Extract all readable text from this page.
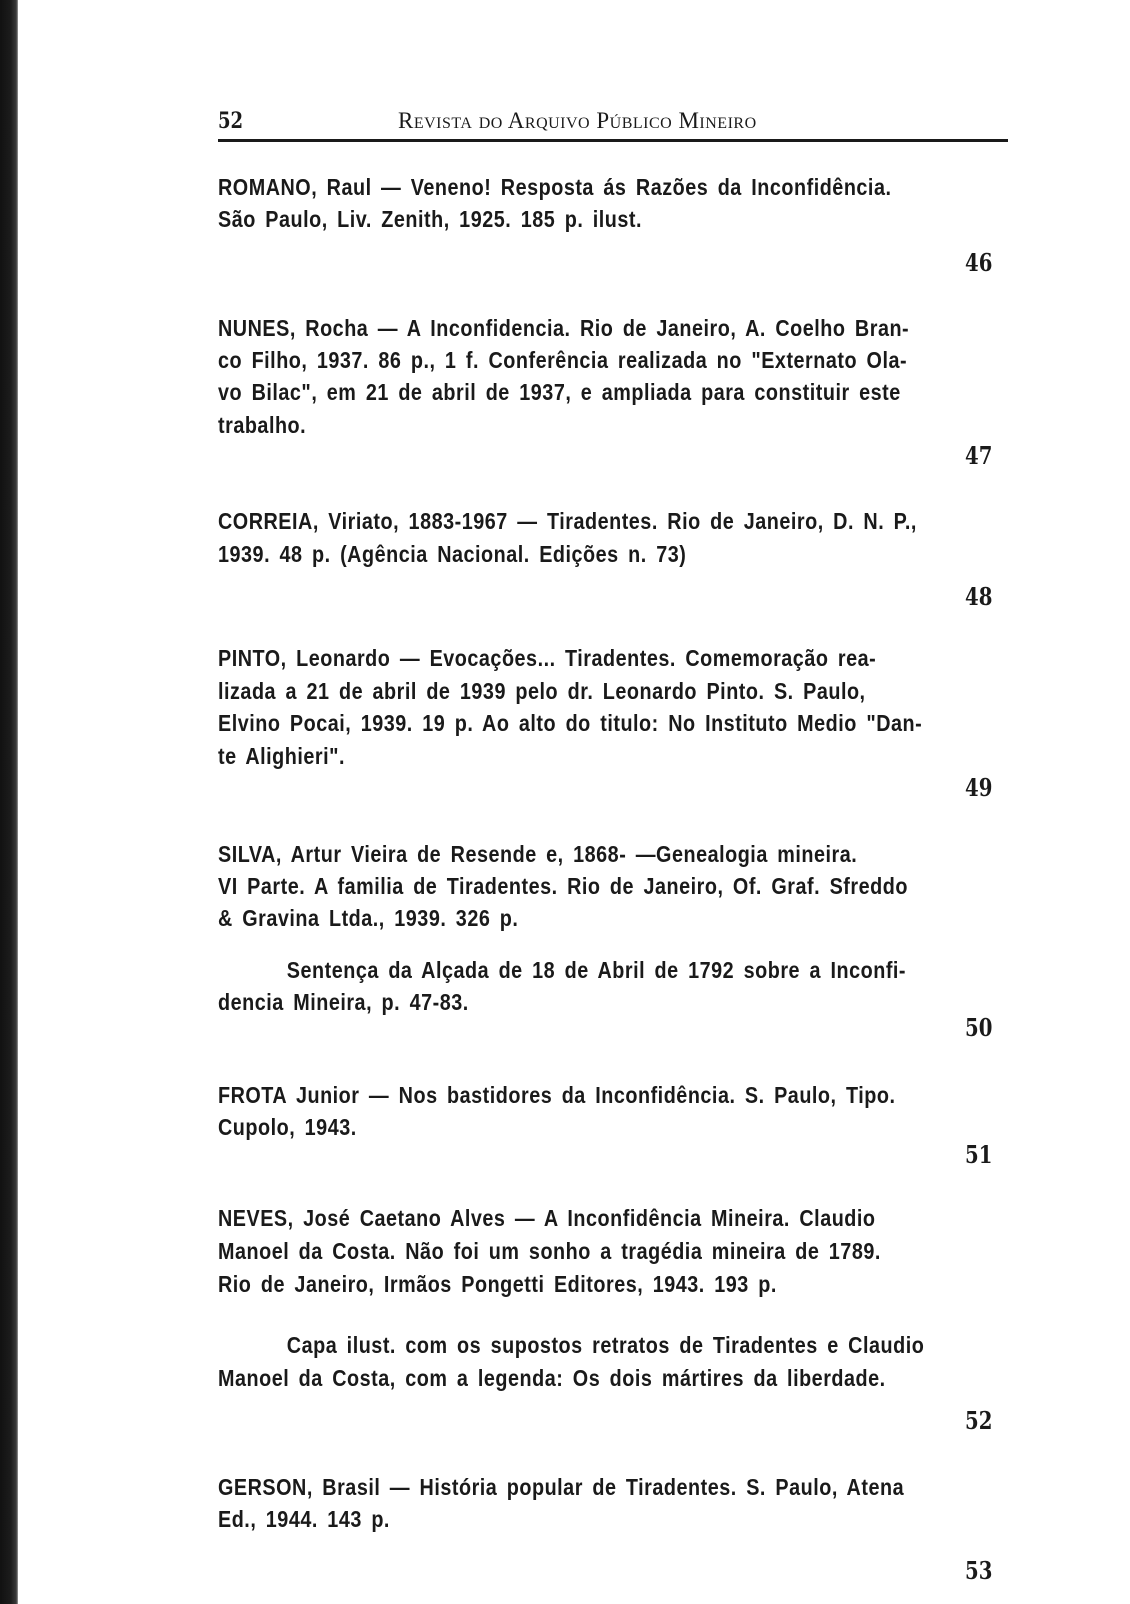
52	Revista do Arquivo Público Mineiro
ROMANO, Raul — Veneno! Resposta ás Razões da Inconfidência.
São Paulo, Liv. Zenith, 1925. 185 p. ilust.
46
NUNES, Rocha — A Inconfidencia. Rio de Janeiro, A. Coelho Bran-
co Filho, 1937. 86 p., 1 f. Conferência realizada no "Externato Ola-
vo Bilac", em 21 de abril de 1937, e ampliada para constituir este
trabalho.
47
CORREIA, Viriato, 1883-1967 — Tiradentes. Rio de Janeiro, D. N. P.,
1939. 48 p. (Agência Nacional. Edições n. 73)
48
PINTO, Leonardo — Evocações... Tiradentes. Comemoração rea-
lizada a 21 de abril de 1939 pelo dr. Leonardo Pinto. S. Paulo,
Elvino Pocai, 1939. 19 p. Ao alto do titulo: No Instituto Medio "Dan-
te Alighieri".
49
SILVA, Artur Vieira de Resende e, 1868- —Genealogia mineira.
VI Parte. A familia de Tiradentes. Rio de Janeiro, Of. Graf. Sfreddo
& Gravina Ltda., 1939. 326 p.
Sentença da Alçada de 18 de Abril de 1792 sobre a Inconfi-
dencia Mineira, p. 47-83.
50
FROTA Junior — Nos bastidores da Inconfidência. S. Paulo, Tipo.
Cupolo, 1943.
51
NEVES, José Caetano Alves — A Inconfidência Mineira. Claudio
Manoel da Costa. Não foi um sonho a tragédia mineira de 1789.
Rio de Janeiro, Irmãos Pongetti Editores, 1943. 193 p.
Capa ilust. com os supostos retratos de Tiradentes e Claudio
Manoel da Costa, com a legenda: Os dois mártires da liberdade.
52
GERSON, Brasil — História popular de Tiradentes. S. Paulo, Atena
Ed., 1944. 143 p.
53
